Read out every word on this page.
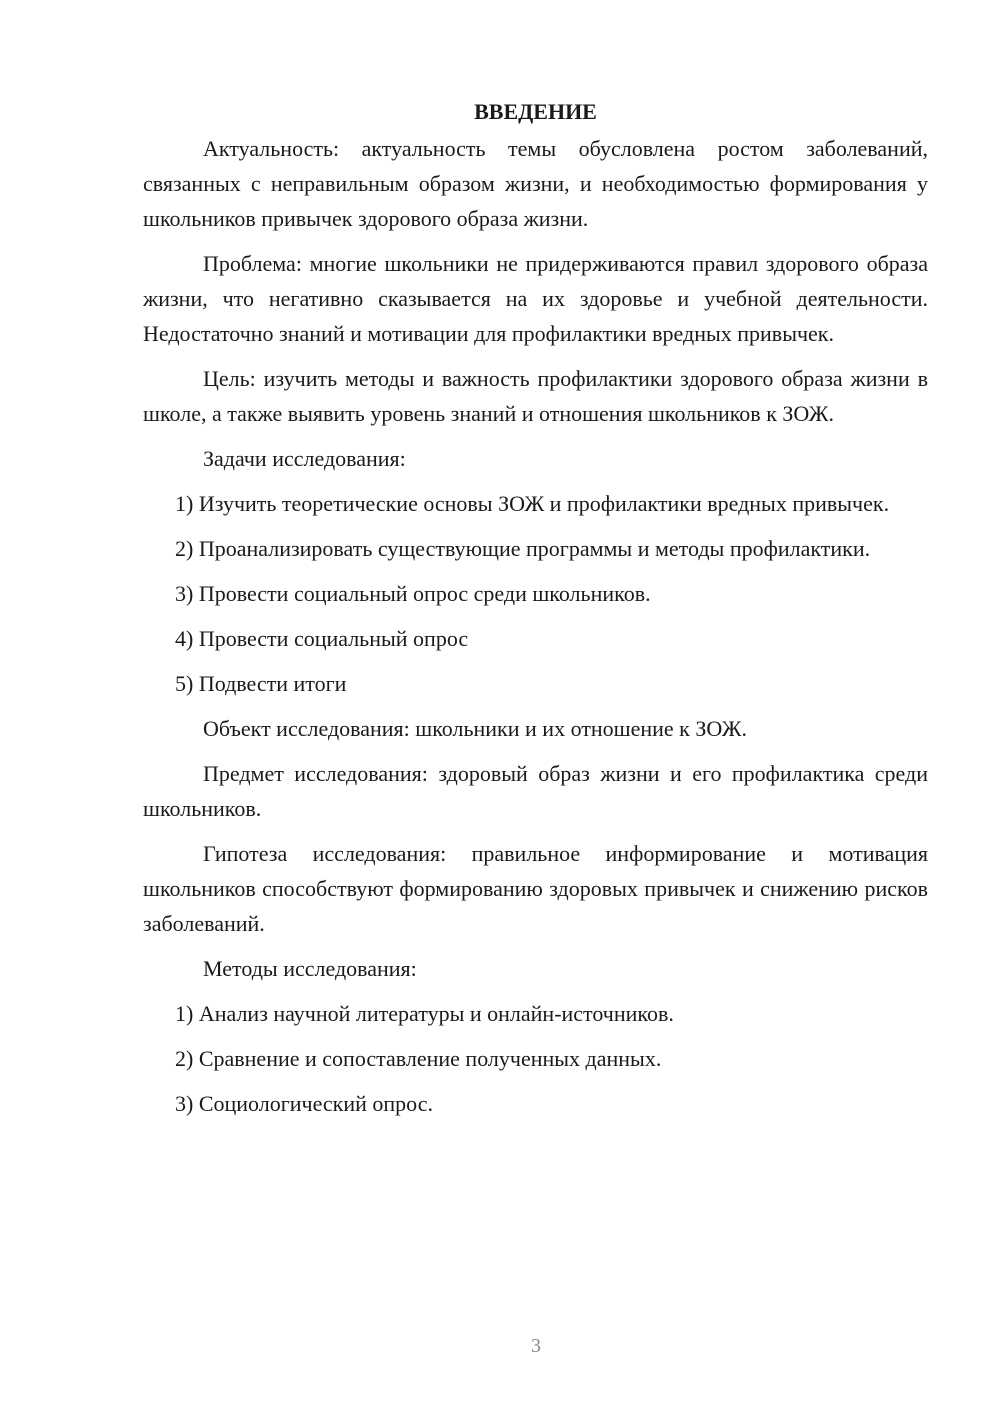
ВВЕДЕНИЕ

Актуальность: актуальность темы обусловлена ростом заболеваний, связанных с неправильным образом жизни, и необходимостью формирования у школьников привычек здорового образа жизни.

Проблема: многие школьники не придерживаются правил здорового образа жизни, что негативно сказывается на их здоровье и учебной деятельности. Недостаточно знаний и мотивации для профилактики вредных привычек.

Цель: изучить методы и важность профилактики здорового образа жизни в школе, а также выявить уровень знаний и отношения школьников к ЗОЖ.

Задачи исследования:

1) Изучить теоретические основы ЗОЖ и профилактики вредных привычек.

2) Проанализировать существующие программы и методы профилактики.

3) Провести социальный опрос среди школьников.

4) Провести социальный опрос

5) Подвести итоги

Объект исследования: школьники и их отношение к ЗОЖ.

Предмет исследования: здоровый образ жизни и его профилактика среди школьников.

Гипотеза исследования: правильное информирование и мотивация школьников способствуют формированию здоровых привычек и снижению рисков заболеваний.

Методы исследования:

1) Анализ научной литературы и онлайн-источников.

2) Сравнение и сопоставление полученных данных.

3) Социологический опрос.

3
